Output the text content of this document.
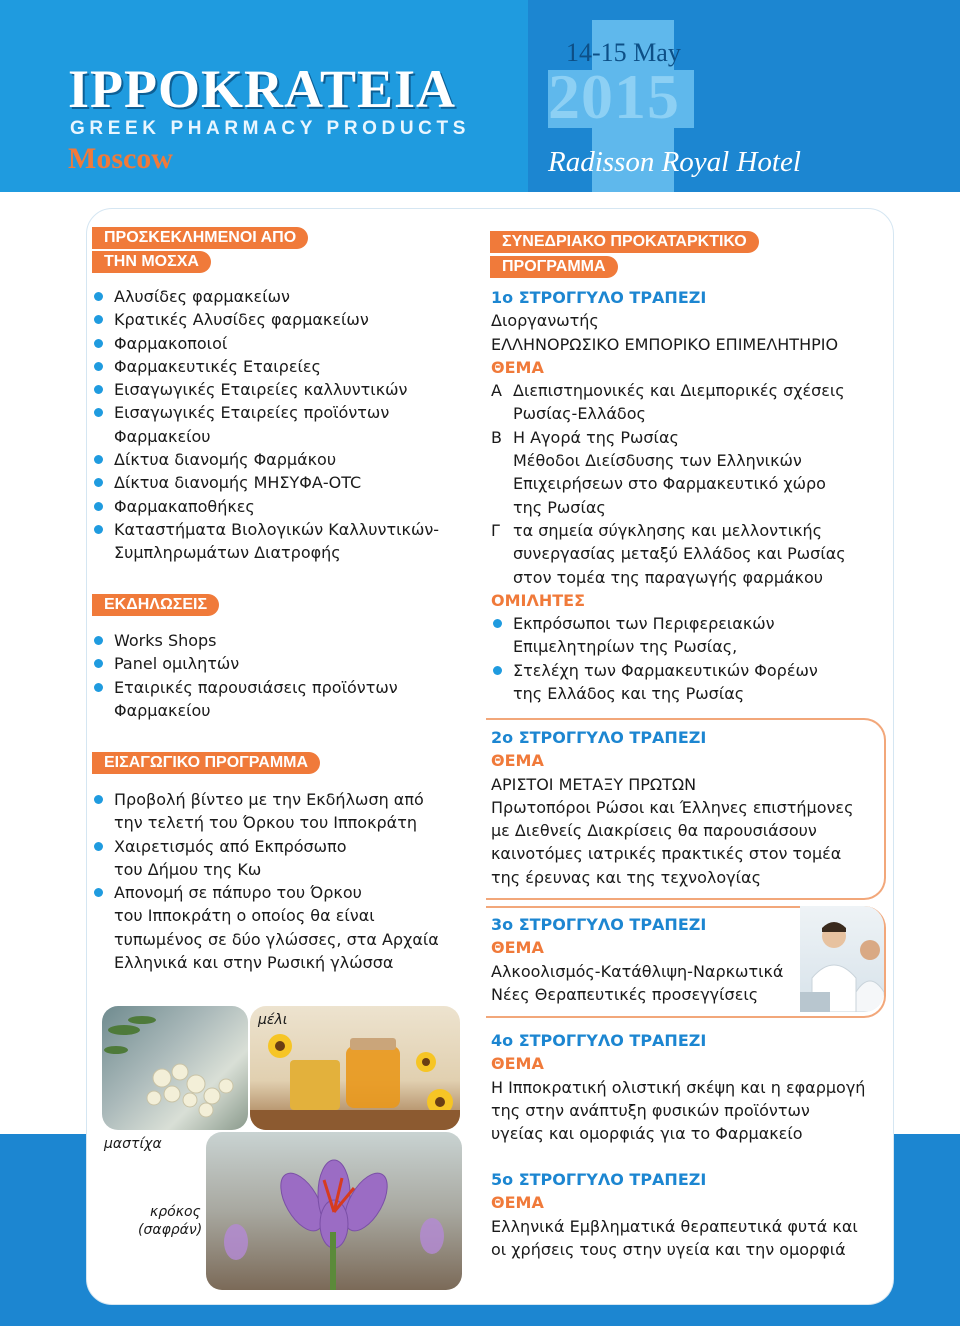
IPPOKRATEIA
GREEK PHARMACY PRODUCTS
Moscow
14-15 May
2015
Radisson Royal Hotel
ΠΡΟΣΚΕΚΛΗΜΕΝΟΙ ΑΠΟ
ΤΗΝ ΜΟΣΧΑ
Αλυσίδες φαρμακείων
Κρατικές Αλυσίδες φαρμακείων
Φαρμακοποιοί
Φαρμακευτικές Εταιρείες
Εισαγωγικές Εταιρείες καλλυντικών
Εισαγωγικές Εταιρείες προϊόντων
Φαρμακείου
Δίκτυα διανομής Φαρμάκου
Δίκτυα διανομής ΜΗΣΥΦΑ-OTC
Φαρμακαποθήκες
Καταστήματα Βιολογικών Καλλυντικών-
Συμπληρωμάτων Διατροφής
ΕΚΔΗΛΩΣΕΙΣ
Works Shops
Panel ομιλητών
Εταιρικές παρουσιάσεις προϊόντων
Φαρμακείου
ΕΙΣΑΓΩΓΙΚΟ ΠΡΟΓΡΑΜΜΑ
Προβολή βίντεο με την Εκδήλωση από
την τελετή του Όρκου του Ιπποκράτη
Χαιρετισμός από Εκπρόσωπο
του Δήμου της Κω
Απονομή σε πάπυρο του Όρκου
του Ιπποκράτη ο οποίος θα είναι
τυπωμένος σε δύο γλώσσες, στα Αρχαία
Ελληνικά και στην Ρωσική γλώσσα
μέλι
μαστίχα
κρόκος
(σαφράν)
ΣΥΝΕΔΡΙΑΚΟ ΠΡΟΚΑΤΑΡΚΤΙΚΟ
ΠΡΟΓΡΑΜΜΑ
1ο ΣΤΡΟΓΓΥΛΟ ΤΡΑΠΕΖΙ
Διοργανωτής
ΕΛΛΗΝΟΡΩΣΙΚΟ ΕΜΠΟΡΙΚΟ ΕΠΙΜΕΛΗΤΗΡΙΟ
ΘΕΜΑ
Α Διεπιστημονικές και Διεμπορικές σχέσεις
Ρωσίας-Ελλάδος
Β Η Αγορά της Ρωσίας
Μέθοδοι Διείσδυσης των Ελληνικών
Επιχειρήσεων στο Φαρμακευτικό χώρο
της Ρωσίας
Γ τα σημεία σύγκλησης και μελλοντικής
συνεργασίας μεταξύ Ελλάδος και Ρωσίας
στον τομέα της παραγωγής φαρμάκου
ΟΜΙΛΗΤΕΣ
Εκπρόσωποι των Περιφερειακών
Επιμελητηρίων της Ρωσίας,
Στελέχη των Φαρμακευτικών Φορέων
της Ελλάδος και της Ρωσίας
2ο ΣΤΡΟΓΓΥΛΟ ΤΡΑΠΕΖΙ
ΘΕΜΑ
ΑΡΙΣΤΟΙ ΜΕΤΑΞΥ ΠΡΩΤΩΝ
Πρωτοπόροι Ρώσοι και Έλληνες επιστήμονες
με Διεθνείς Διακρίσεις θα παρουσιάσουν
καινοτόμες ιατρικές πρακτικές στον τομέα
της έρευνας και της τεχνολογίας
3ο ΣΤΡΟΓΓΥΛΟ ΤΡΑΠΕΖΙ
ΘΕΜΑ
Αλκοολισμός-Κατάθλιψη-Ναρκωτικά
Νέες Θεραπευτικές προσεγγίσεις
4ο ΣΤΡΟΓΓΥΛΟ ΤΡΑΠΕΖΙ
ΘΕΜΑ
Η Ιπποκρατική ολιστική σκέψη και η εφαρμογή
της στην ανάπτυξη φυσικών προϊόντων
υγείας και ομορφιάς για το Φαρμακείο
5ο ΣΤΡΟΓΓΥΛΟ ΤΡΑΠΕΖΙ
ΘΕΜΑ
Ελληνικά Εμβληματικά θεραπευτικά φυτά και
οι χρήσεις τους στην υγεία και την ομορφιά
